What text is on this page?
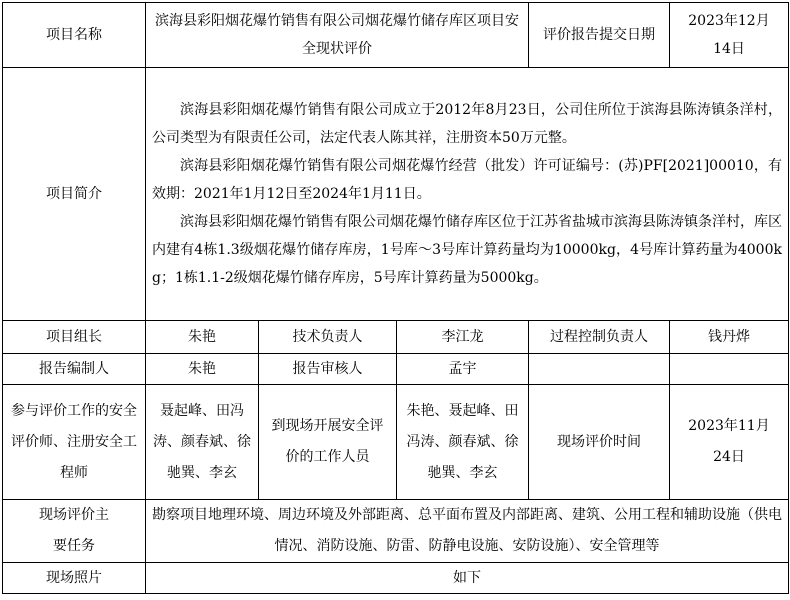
项目名称	滨海县彩阳烟花爆竹销售有限公司烟花爆竹储存库区项目安全现状评价			评价报告提交日期	2023年12月14日
项目简介	滨海县彩阳烟花爆竹销售有限公司成立于2012年8月23日，公司住所位于滨海县陈涛镇条洋村，公司类型为有限责任公司，法定代表人陈其祥，注册资本50万元整。
滨海县彩阳烟花爆竹销售有限公司烟花爆竹经营（批发）许可证编号：(苏)PF[2021]00010，有效期：2021年1月12日至2024年1月11日。
滨海县彩阳烟花爆竹销售有限公司烟花爆竹储存库区位于江苏省盐城市滨海县陈涛镇条洋村，库区内建有4栋1.3级烟花爆竹储存库房，1号库～3号库计算药量均为10000kg，4号库计算药量为4000kg；1栋1.1-2级烟花爆竹储存库房，5号库计算药量为5000kg。				

项目组长	朱艳	技术负责人	李江龙	过程控制负责人	钱丹烨
报告编制人	朱艳	报告审核人	孟宇		
参与评价工作的安全评价师、注册安全工程师	聂起峰、田冯涛、颜春斌、徐驰巽、李玄	到现场开展安全评价的工作人员	朱艳、聂起峰、田冯涛、颜春斌、徐驰巽、李玄	现场评价时间	2023年11月24日
现场评价主要任务	勘察项目地理环境、周边环境及外部距离、总平面布置及内部距离、建筑、公用工程和辅助设施（供电情况、消防设施、防雷、防静电设施、安防设施）、安全管理等				
现场照片	如下				
